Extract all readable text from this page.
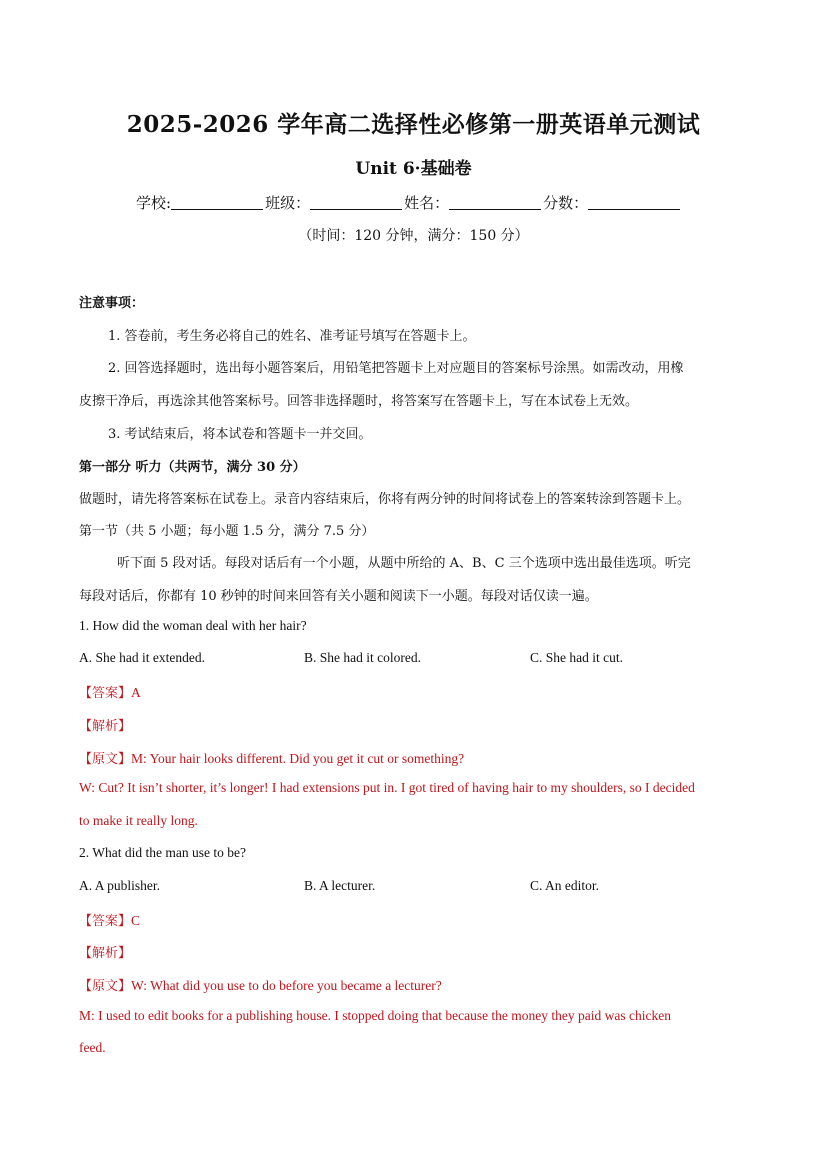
2025-2026 学年高二选择性必修第一册英语单元测试
Unit 6·基础卷
学校:	班级：	姓名：	分数：
（时间：120 分钟，满分：150 分）
注意事项：
1. 答卷前，考生务必将自己的姓名、准考证号填写在答题卡上。
2. 回答选择题时，选出每小题答案后，用铅笔把答题卡上对应题目的答案标号涂黑。如需改动，用橡
皮擦干净后，再选涂其他答案标号。回答非选择题时，将答案写在答题卡上，写在本试卷上无效。
3. 考试结束后，将本试卷和答题卡一并交回。
第一部分 听力（共两节，满分 30 分）
做题时，请先将答案标在试卷上。录音内容结束后，你将有两分钟的时间将试卷上的答案转涂到答题卡上。
第一节（共 5 小题；每小题 1.5 分，满分 7.5 分）
听下面 5 段对话。每段对话后有一个小题，从题中所给的 A、B、C 三个选项中选出最佳选项。听完
每段对话后，你都有 10 秒钟的时间来回答有关小题和阅读下一小题。每段对话仅读一遍。
1. How did the woman deal with her hair?
A. She had it extended.	B. She had it colored.	C. She had it cut.
【答案】A
【解析】
【原文】M: Your hair looks different. Did you get it cut or something?
W: Cut? It isn’t shorter, it’s longer! I had extensions put in. I got tired of having hair to my shoulders, so I decided
to make it really long.
2. What did the man use to be?
A. A publisher.	B. A lecturer.	C. An editor.
【答案】C
【解析】
【原文】W: What did you use to do before you became a lecturer?
M: I used to edit books for a publishing house. I stopped doing that because the money they paid was chicken
feed.
